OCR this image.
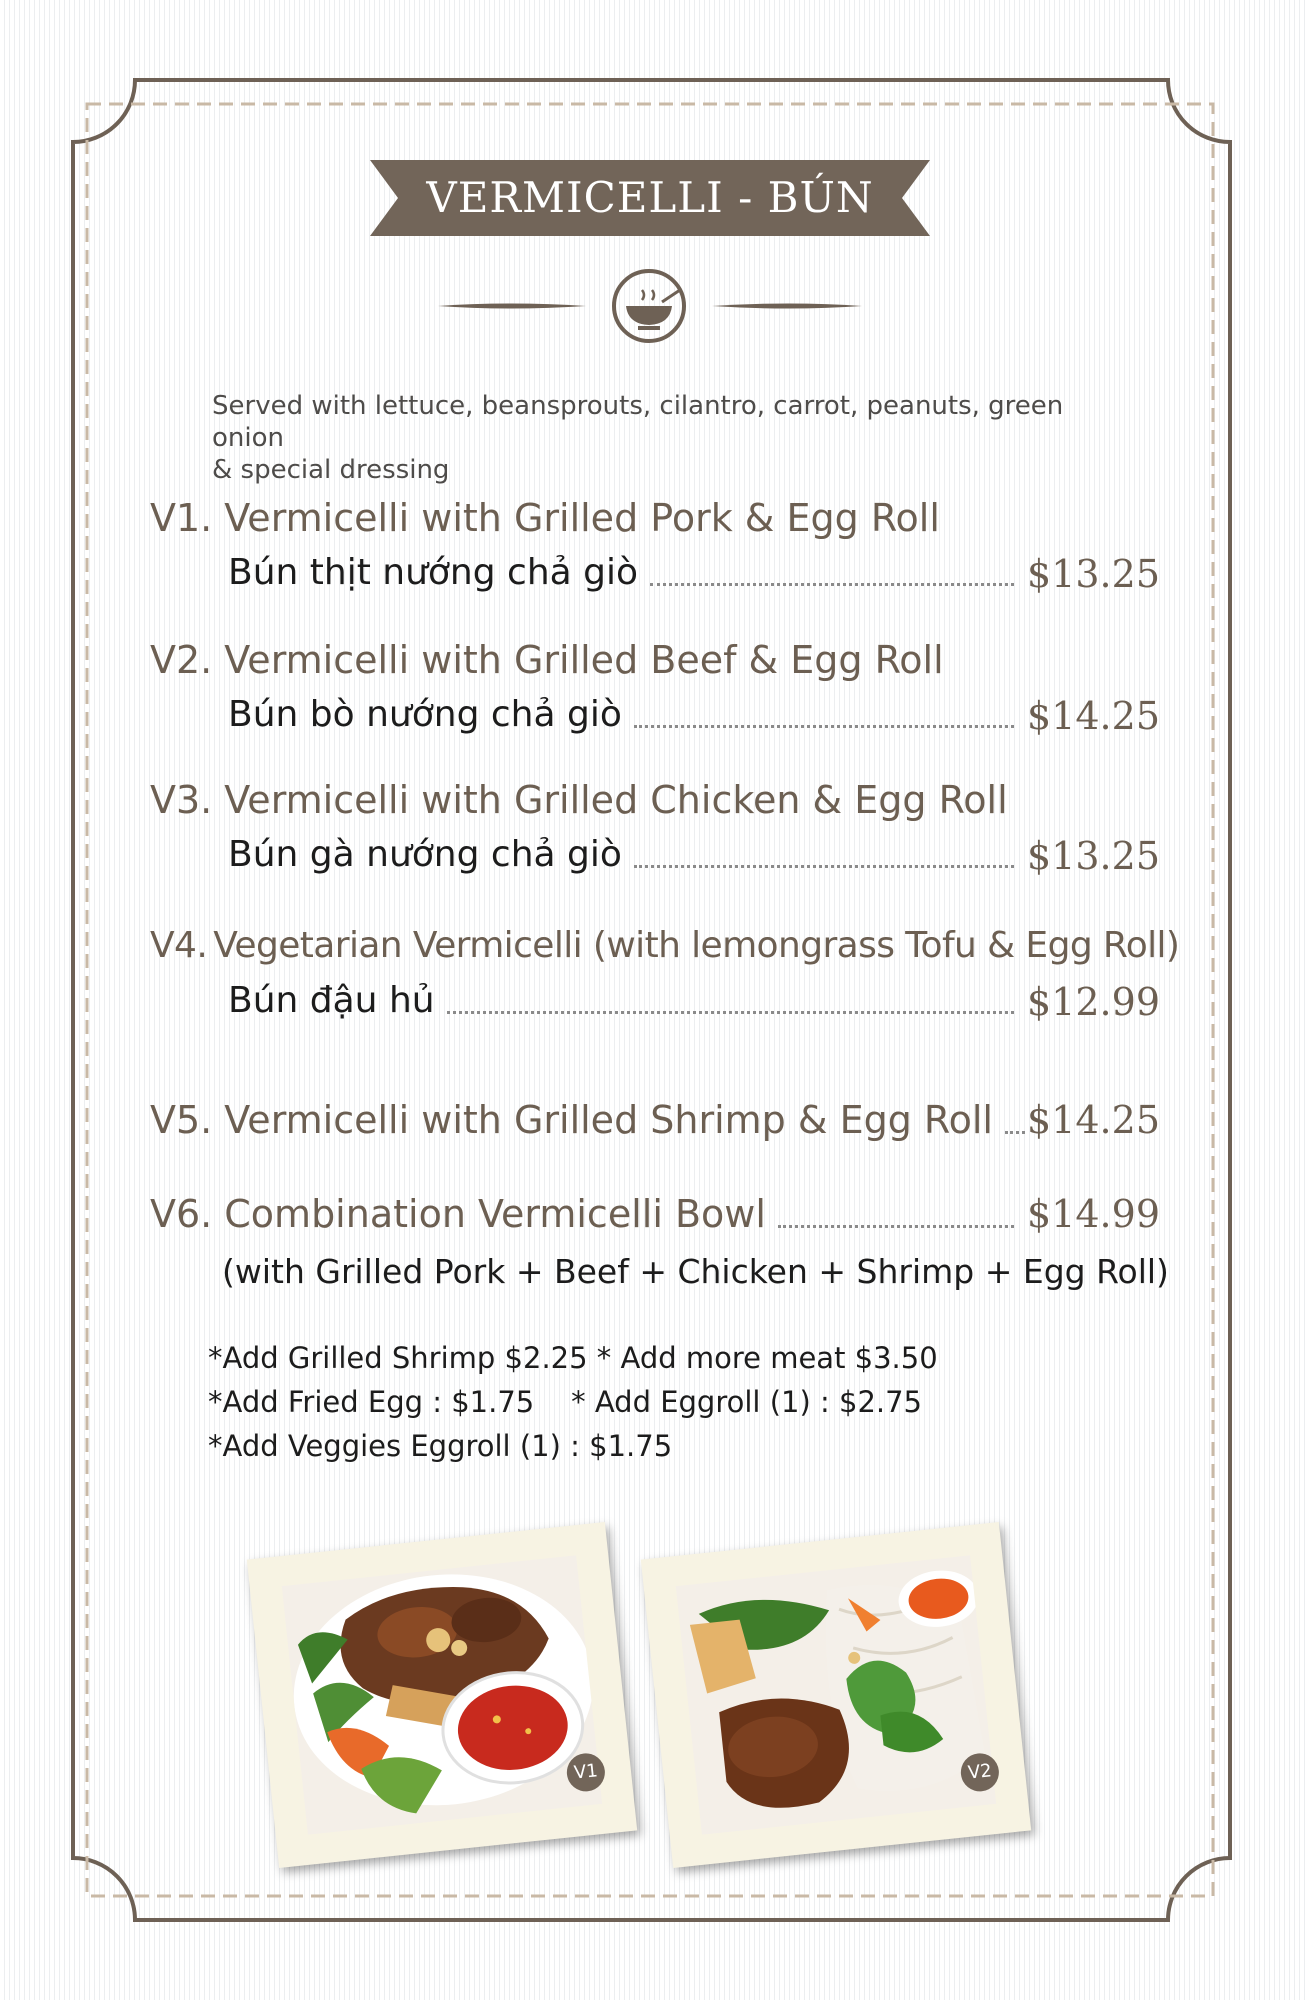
VERMICELLI - BÚN
Served with lettuce, beansprouts, cilantro, carrot, peanuts, green onion
& special dressing
V1. Vermicelli with Grilled Pork & Egg Roll
Bún thịt nướng chả giò	$13.25
V2. Vermicelli with Grilled Beef & Egg Roll
Bún bò nướng chả giò	$14.25
V3. Vermicelli with Grilled Chicken & Egg Roll
Bún gà nướng chả giò	$13.25
V4. Vegetarian Vermicelli (with lemongrass Tofu & Egg Roll)
Bún đậu hủ	$12.99
V5. Vermicelli with Grilled Shrimp & Egg Roll $14.25
V6. Combination Vermicelli Bowl	$14.99
(with Grilled Pork + Beef + Chicken + Shrimp + Egg Roll)
*Add Grilled Shrimp $2.25 * Add more meat $3.50
*Add Fried Egg : $1.75    * Add Eggroll (1) : $2.75
*Add Veggies Eggroll (1) : $1.75
V1	V2
